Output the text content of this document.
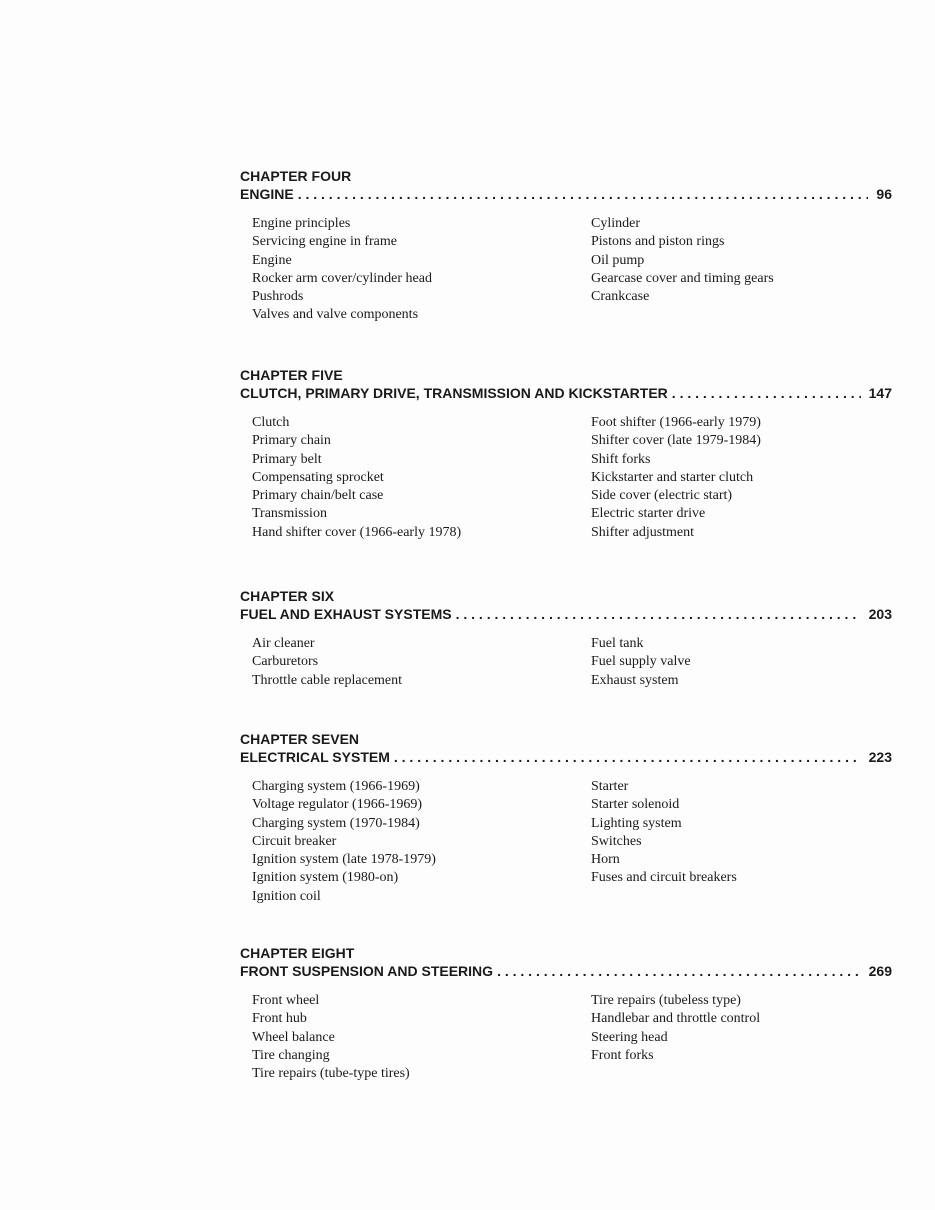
CHAPTER FOUR
ENGINE . . .	96
Engine principles
Servicing engine in frame
Engine
Rocker arm cover/cylinder head
Pushrods
Valves and valve components
Cylinder
Pistons and piston rings
Oil pump
Gearcase cover and timing gears
Crankcase
CHAPTER FIVE
CLUTCH, PRIMARY DRIVE, TRANSMISSION AND KICKSTARTER . . .	147
Clutch
Primary chain
Primary belt
Compensating sprocket
Primary chain/belt case
Transmission
Hand shifter cover (1966-early 1978)
Foot shifter (1966-early 1979)
Shifter cover (late 1979-1984)
Shift forks
Kickstarter and starter clutch
Side cover (electric start)
Electric starter drive
Shifter adjustment
CHAPTER SIX
FUEL AND EXHAUST SYSTEMS . . .	203
Air cleaner
Carburetors
Throttle cable replacement
Fuel tank
Fuel supply valve
Exhaust system
CHAPTER SEVEN
ELECTRICAL SYSTEM . . .	223
Charging system (1966-1969)
Voltage regulator (1966-1969)
Charging system (1970-1984)
Circuit breaker
Ignition system (late 1978-1979)
Ignition system (1980-on)
Ignition coil
Starter
Starter solenoid
Lighting system
Switches
Horn
Fuses and circuit breakers
CHAPTER EIGHT
FRONT SUSPENSION AND STEERING . . .	269
Front wheel
Front hub
Wheel balance
Tire changing
Tire repairs (tube-type tires)
Tire repairs (tubeless type)
Handlebar and throttle control
Steering head
Front forks
